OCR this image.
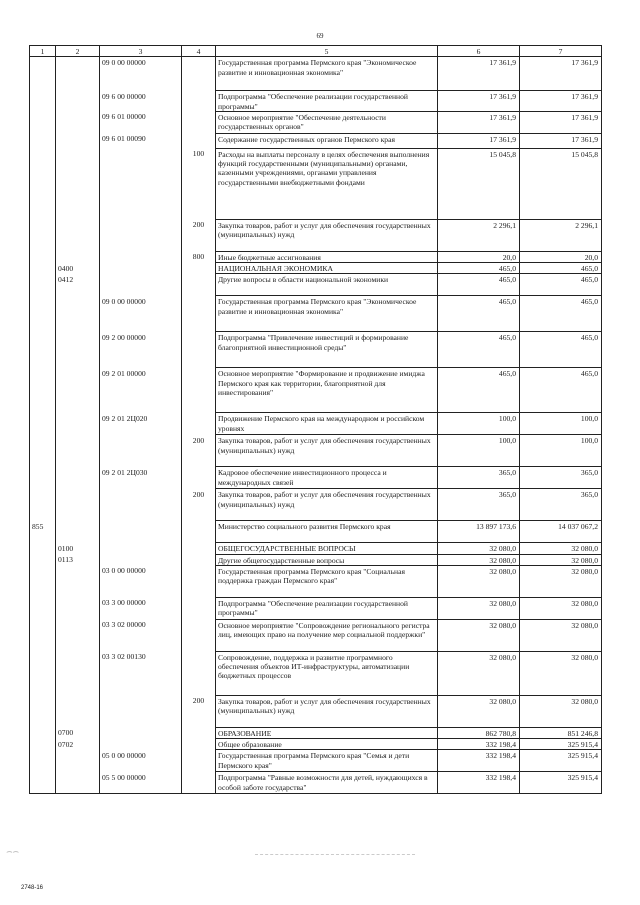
69
1	2	3	4	5	6	7
		09 0 00 00000		Государственная программа Пермского края "Экономическое развитие и инновационная экономика"	17 361,9	17 361,9
		09 6 00 00000		Подпрограмма "Обеспечение реализации государственной программы"	17 361,9	17 361,9
		09 6 01 00000		Основное мероприятие "Обеспечение деятельности государственных органов"	17 361,9	17 361,9
		09 6 01 00090		Содержание государственных органов Пермского края	17 361,9	17 361,9
			100	Расходы на выплаты персоналу в целях обеспечения выполнения функций государственными (муниципальными) органами, казенными учреждениями, органами управления государственными внебюджетными фондами	15 045,8	15 045,8
			200	Закупка товаров, работ и услуг для обеспечения государственных (муниципальных) нужд	2 296,1	2 296,1
			800	Иные бюджетные ассигнования	20,0	20,0
	0400			НАЦИОНАЛЬНАЯ ЭКОНОМИКА	465,0	465,0
	0412			Другие вопросы в области национальной экономики	465,0	465,0
		09 0 00 00000		Государственная программа Пермского края "Экономическое развитие и инновационная экономика"	465,0	465,0
		09 2 00 00000		Подпрограмма "Привлечение инвестиций и формирование благоприятной инвестиционной среды"	465,0	465,0
		09 2 01 00000		Основное мероприятие "Формирование и продвижение имиджа Пермского края как территории, благоприятной для инвестирования"	465,0	465,0
		09 2 01 2Ц020		Продвижение Пермского края на международном и российском уровнях	100,0	100,0
			200	Закупка товаров, работ и услуг для обеспечения государственных (муниципальных) нужд	100,0	100,0
		09 2 01 2Ц030		Кадровое обеспечение инвестиционного процесса и международных связей	365,0	365,0
			200	Закупка товаров, работ и услуг для обеспечения государственных (муниципальных) нужд	365,0	365,0
855				Министерство социального развития Пермского края	13 897 173,6	14 037 067,2
	0100			ОБЩЕГОСУДАРСТВЕННЫЕ ВОПРОСЫ	32 080,0	32 080,0
	0113			Другие общегосударственные вопросы	32 080,0	32 080,0
		03 0 00 00000		Государственная программа Пермского края "Социальная поддержка граждан Пермского края"	32 080,0	32 080,0
		03 3 00 00000		Подпрограмма "Обеспечение реализации государственной программы"	32 080,0	32 080,0
		03 3 02 00000		Основное мероприятие "Сопровождение регионального регистра лиц, имеющих право на получение мер социальной поддержки"	32 080,0	32 080,0
		03 3 02 00130		Сопровождение, поддержка и развитие программного обеспечения объектов ИТ-инфраструктуры, автоматизации бюджетных процессов	32 080,0	32 080,0
			200	Закупка товаров, работ и услуг для обеспечения государственных (муниципальных) нужд	32 080,0	32 080,0
	0700			ОБРАЗОВАНИЕ	862 780,8	851 246,8
	0702			Общее образование	332 198,4	325 915,4
		05 0 00 00000		Государственная программа Пермского края "Семья и дети Пермского края"	332 198,4	325 915,4
		05 5 00 00000		Подпрограмма "Равные возможности для детей, нуждающихся в особой заботе государства"	332 198,4	325 915,4
⁀ ⁀
2748-16
